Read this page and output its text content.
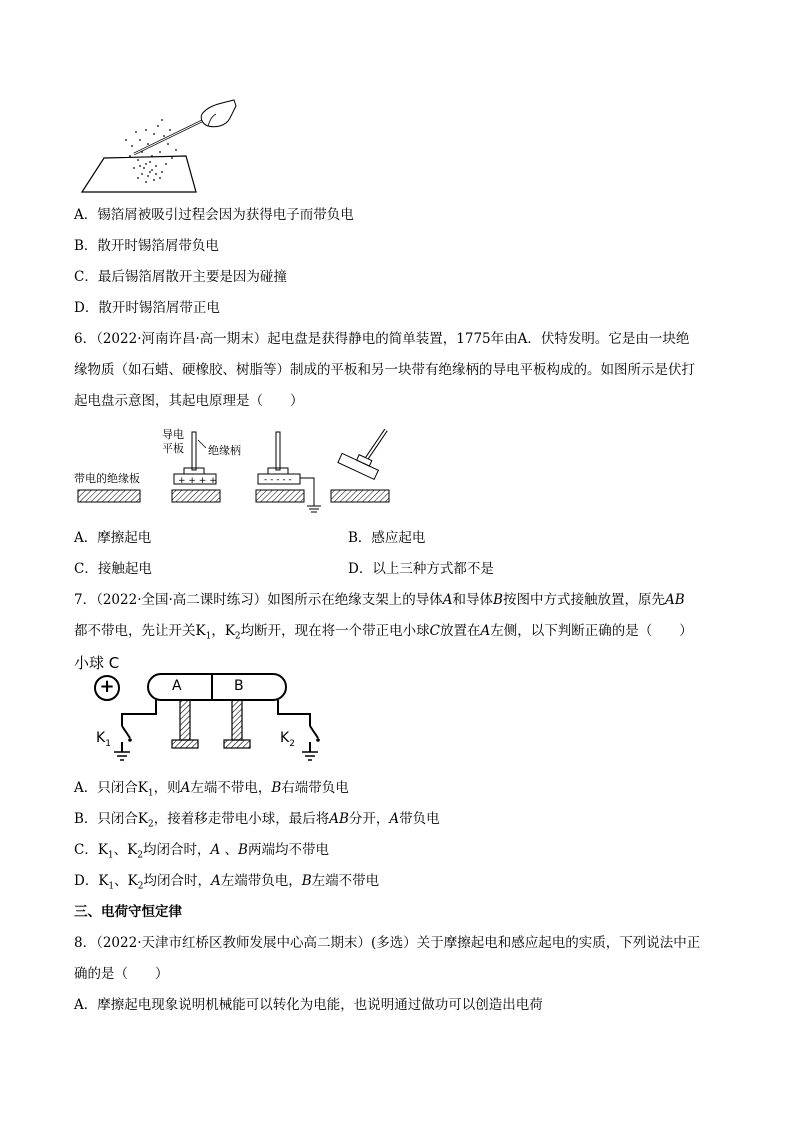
A．锡箔屑被吸引过程会因为获得电子而带负电
B．散开时锡箔屑带负电
C．最后锡箔屑散开主要是因为碰撞
D．散开时锡箔屑带正电
6．（2022·河南许昌·高一期末）起电盘是获得静电的简单装置，1775年由A．伏特发明。它是由一块绝
缘物质（如石蜡、硬橡胶、树脂等）制成的平板和另一块带有绝缘柄的导电平板构成的。如图所示是伏打
起电盘示意图，其起电原理是（　　）
+ + + +	- - - - -
带电的绝缘板
导电
平板 绝缘柄
A．摩擦起电	B．感应起电
C．接触起电	D．以上三种方式都不是
7．（2022·全国·高二课时练习）如图所示在绝缘支架上的导体A和导体B按图中方式接触放置，原先AB
都不带电，先让开关$K_1$，$K_2$均断开，现在将一个带正电小球C放置在A左侧，以下判断正确的是（　　）
小球 C
+	A	B
$K_1$	$K_2$
A．只闭合$K_1$，则A左端不带电，B右端带负电
B．只闭合$K_2$，接着移走带电小球，最后将AB分开，A带负电
C．$K_1$、$K_2$均闭合时，A 、B两端均不带电
D．$K_1$、$K_2$均闭合时，A左端带负电，B左端不带电
三、电荷守恒定律
8．（2022·天津市红桥区教师发展中心高二期末）(多选）关于摩擦起电和感应起电的实质，下列说法中正
确的是（　　）
A．摩擦起电现象说明机械能可以转化为电能，也说明通过做功可以创造出电荷
